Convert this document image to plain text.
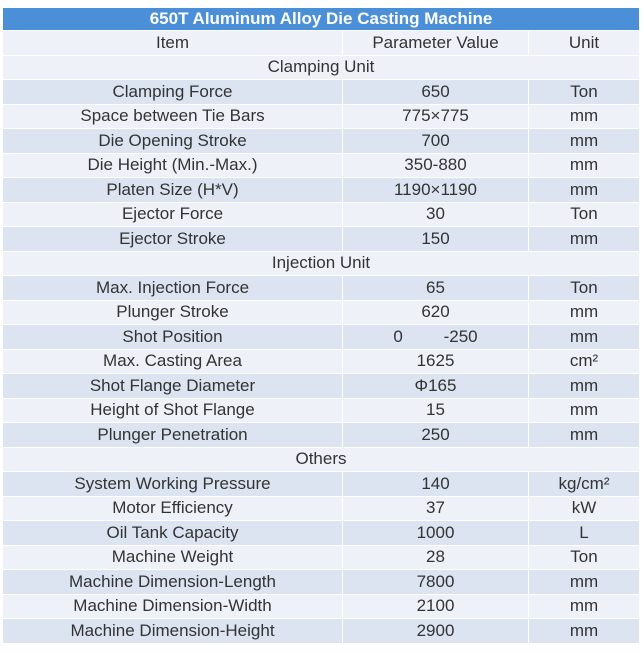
650T Aluminum Alloy Die Casting Machine		
Item	Parameter Value	Unit
Clamping Unit		
Clamping Force	650	Ton
Space between Tie Bars	775×775	mm
Die Opening Stroke	700	mm
Die Height (Min.-Max.)	350-880	mm
Platen Size (H*V)	1190×1190	mm
Ejector Force	30	Ton
Ejector Stroke	150	mm
Injection Unit		
Max. Injection Force	65	Ton
Plunger Stroke	620	mm
Shot Position	0 -250	mm
Max. Casting Area	1625	cm²
Shot Flange Diameter	Φ165	mm
Height of Shot Flange	15	mm
Plunger Penetration	250	mm
Others		
System Working Pressure	140	kg/cm²
Motor Efficiency	37	kW
Oil Tank Capacity	1000	L
Machine Weight	28	Ton
Machine Dimension-Length	7800	mm
Machine Dimension-Width	2100	mm
Machine Dimension-Height	2900	mm
